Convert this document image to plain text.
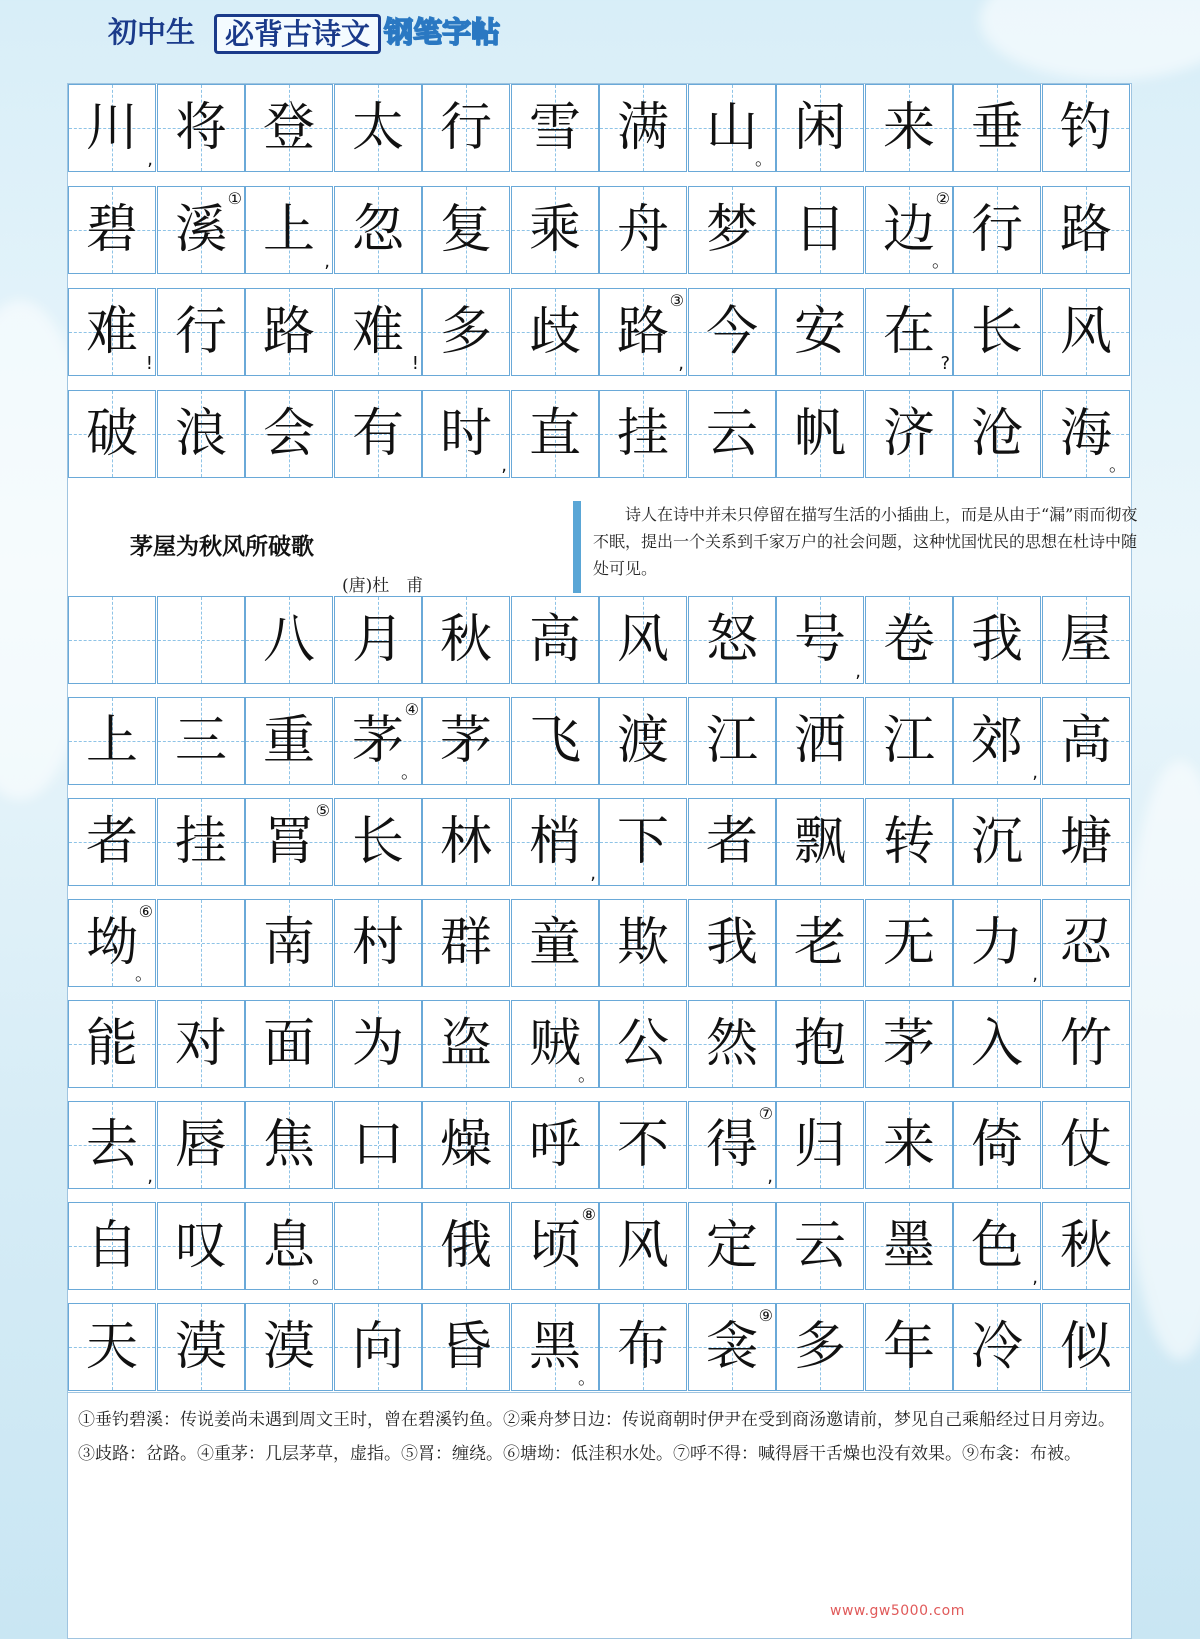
初中生	必背古诗文 钢笔字帖
川
,
将 登 太 行 雪 满 山
。
闲 来 垂 钓
碧 溪
①
上
,
忽 复 乘 舟 梦 日 边
②
。
行 路
难
!
行 路 难
!
多 歧 路
③
,
今 安 在
?
长 风
破 浪 会 有 时
,
直 挂 云 帆 济 沧 海
。
茅屋为秋风所破歌
(唐)杜　甫
诗人在诗中并未只停留在描写生活的小插曲上，而是从由于“漏”雨而彻夜不眠，提出一个关系到千家万户的社会问题，这种忧国忧民的思想在杜诗中随处可见。
八 月 秋 高 风 怒 号
,
卷 我 屋
上 三 重 茅
④
。
茅 飞 渡 江 洒 江 郊
,
高
者 挂 罥
⑤
长 林 梢
,
下 者 飘 转 沉 塘
坳
⑥
。
南 村 群 童 欺 我 老 无 力
,
忍
能 对 面 为 盗 贼
。
公 然 抱 茅 入 竹
去
,
唇 焦 口 燥 呼 不 得
⑦
,
归 来 倚 仗
自 叹 息
。
俄 顷
⑧
风 定 云 墨 色
,
秋
天 漠 漠 向 昏 黑
。
布 衾
⑨
多 年 冷 似

①垂钓碧溪：传说姜尚未遇到周文王时，曾在碧溪钓鱼。②乘舟梦日边：传说商朝时伊尹在受到商汤邀请前，梦见自己乘船经过日月旁边。③歧路：岔路。④重茅：几层茅草，虚指。⑤罥：缠绕。⑥塘坳：低洼积水处。⑦呼不得：喊得唇干舌燥也没有效果。⑨布衾：布被。

www.gw5000.com
